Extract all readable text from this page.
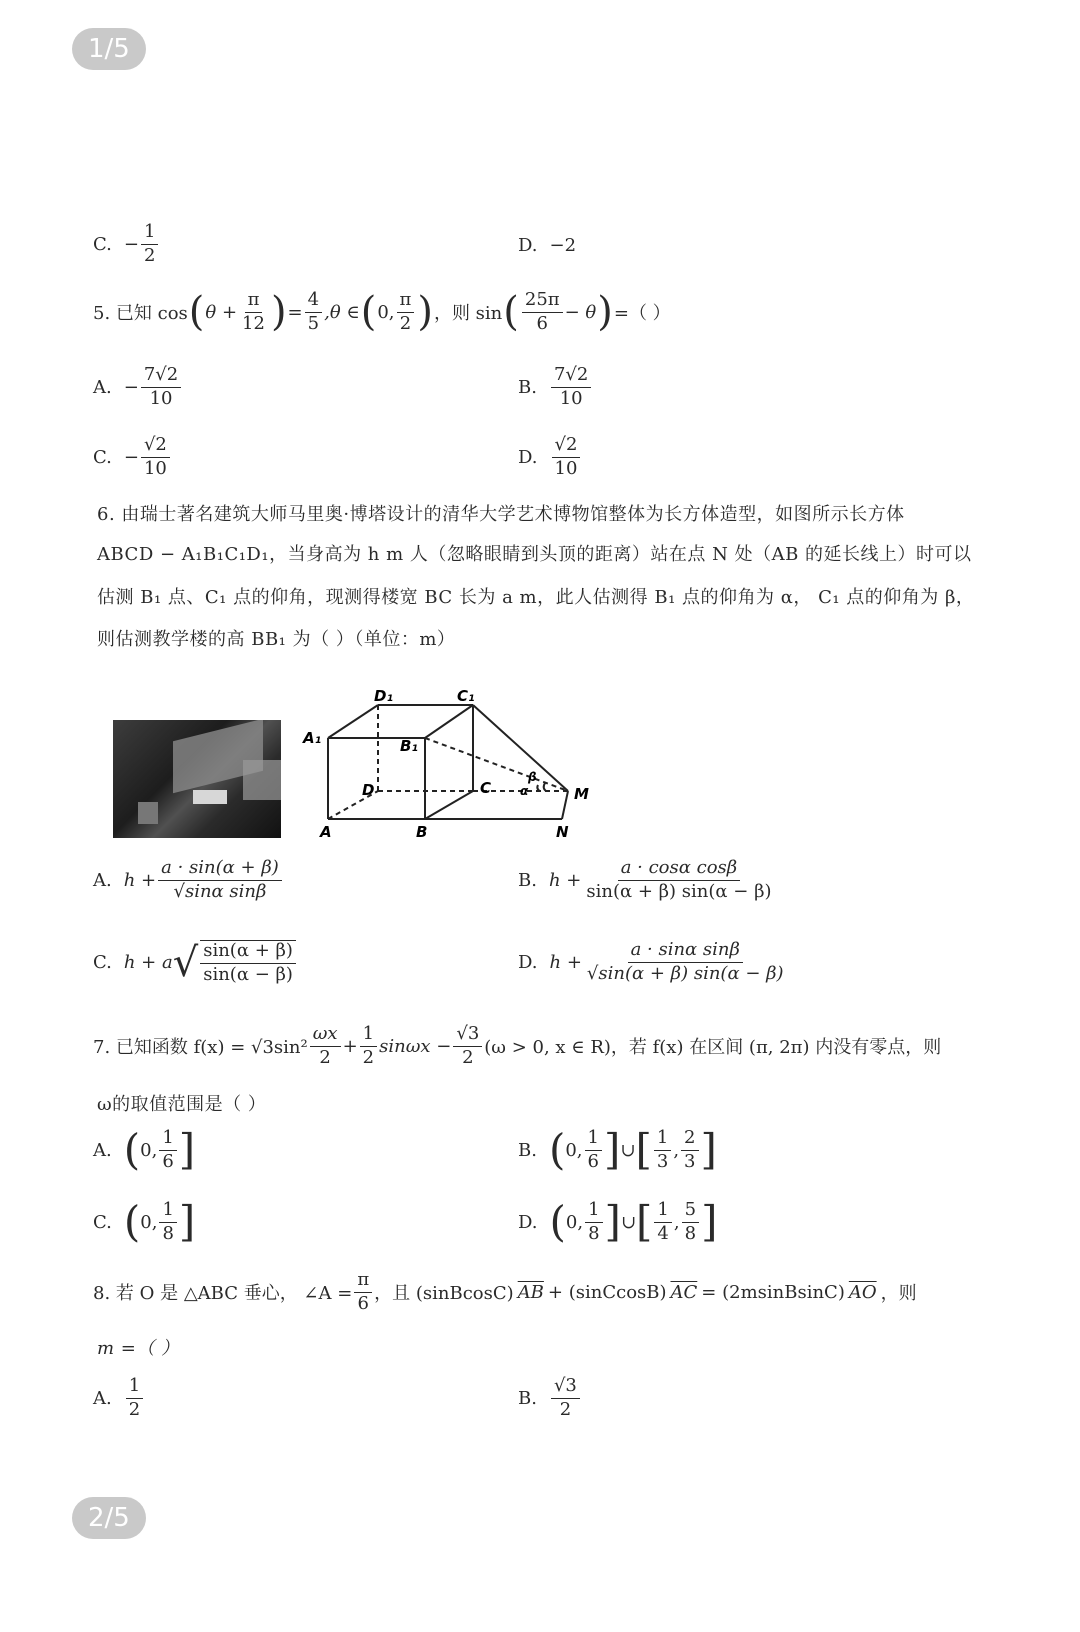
1/5
2/5
C. − $\frac{1}{2}$	D. −2
5. 已知 cos ( $\theta + \frac{\pi}{12}$ ) = $\frac{4}{5} ,\theta$ ∈ ( 0, $\frac{\pi}{2}$ ) ，则 sin ( $\frac{25\pi}{6} - \theta$ ) =（ ）
A. − $\frac{7√2}{10}$	B. $\frac{7√2}{10}$
C. − $\frac{√2}{10}$	D. $\frac{√2}{10}$
6. 由瑞士著名建筑大师马里奥·博塔设计的清华大学艺术博物馆整体为长方体造型，如图所示长方体
ABCD − A₁B₁C₁D₁，当身高为 h m 人（忽略眼睛到头顶的距离）站在点 N 处（AB 的延长线上）时可以
估测 B₁ 点、C₁ 点的仰角，现测得楼宽 BC 长为 a m，此人估测得 B₁ 点的仰角为 α， C₁ 点的仰角为 β，
则估测教学楼的高 BB₁ 为（ ）（单位：m）
D₁	C₁
A₁	B₁
D	C
A	B	N
M
β
α
A. $h + \frac{a \cdot \sin(\alpha + \beta)}{\text{√sinα sinβ}}$	B. $h + \frac{\text{a · cosα cosβ}}{\sin(\alpha + \beta) \sin(\alpha - \beta)}$
C. h + a √ $\frac{\sin(\alpha + \beta)}{\sin(\alpha - \beta)}$	D. $h + \frac{\text{a · sinα sinβ}}{√\sin(\alpha + \beta) \sin(\alpha - \beta)}$
7. 已知函数 $f(x) = √3\sin^2 \frac{\omega x}{2} + \frac{1}{2}$ $\sin\omega x - \frac{√3}{2} (\omega > 0$, x ∈ R)，若 f(x) 在区间 (π, 2π) 内没有零点，则
ω的取值范围是（ ）
A. ( 0, $\frac{1}{6}$ ]	B. ( 0, $\frac{1}{6}$ ] ∪ [ $\frac{1}{3}$ , $\frac{2}{3}$ ]
C. ( 0, $\frac{1}{8}$ ]	D. ( 0, $\frac{1}{8}$ ] ∪ [ $\frac{1}{4}$ , $\frac{5}{8}$ ]
8. 若 O 是 △ABC 垂心， ∠A = $\frac{\pi}{6}$ ，且 (sinBcosC) $\overline{AB}$ + (sinCcosB) $\overline{AC}$ = (2msinBsinC) $\overline{AO}$ ，则
m =（ ）
A. $\frac{1}{2}$	B. $\frac{√3}{2}$
